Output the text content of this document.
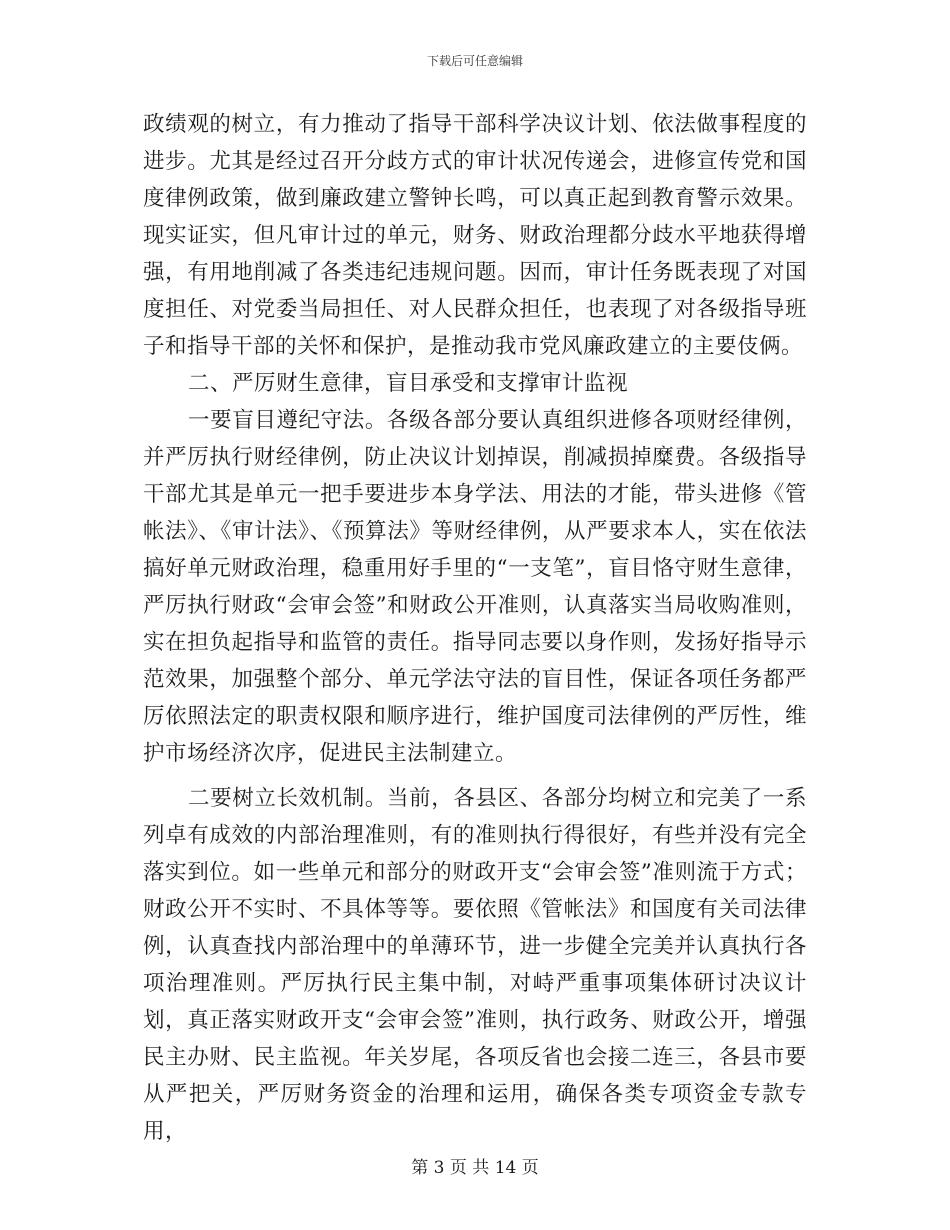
下载后可任意编辑

政绩观的树立，有力推动了指导干部科学决议计划、依法做事程度的进步。尤其是经过召开分歧方式的审计状况传递会，进修宣传党和国度律例政策，做到廉政建立警钟长鸣，可以真正起到教育警示效果。现实证实，但凡审计过的单元，财务、财政治理都分歧水平地获得增强，有用地削减了各类违纪违规问题。因而，审计任务既表现了对国度担任、对党委当局担任、对人民群众担任，也表现了对各级指导班子和指导干部的关怀和保护，是推动我市党风廉政建立的主要伎俩。

二、严厉财生意律，盲目承受和支撑审计监视

一要盲目遵纪守法。各级各部分要认真组织进修各项财经律例，并严厉执行财经律例，防止决议计划掉误，削减损掉糜费。各级指导干部尤其是单元一把手要进步本身学法、用法的才能，带头进修《管帐法》、《审计法》、《预算法》等财经律例，从严要求本人，实在依法搞好单元财政治理，稳重用好手里的“一支笔”，盲目恪守财生意律，严厉执行财政“会审会签”和财政公开准则，认真落实当局收购准则，实在担负起指导和监管的责任。指导同志要以身作则，发扬好指导示范效果，加强整个部分、单元学法守法的盲目性，保证各项任务都严厉依照法定的职责权限和顺序进行，维护国度司法律例的严厉性，维护市场经济次序，促进民主法制建立。

二要树立长效机制。当前，各县区、各部分均树立和完美了一系列卓有成效的内部治理准则，有的准则执行得很好，有些并没有完全落实到位。如一些单元和部分的财政开支“会审会签”准则流于方式；财政公开不实时、不具体等等。要依照《管帐法》和国度有关司法律例，认真查找内部治理中的单薄环节，进一步健全完美并认真执行各项治理准则。严厉执行民主集中制，对峙严重事项集体研讨决议计划，真正落实财政开支“会审会签”准则，执行政务、财政公开，增强民主办财、民主监视。年关岁尾，各项反省也会接二连三，各县市要从严把关，严厉财务资金的治理和运用，确保各类专项资金专款专用，

第 3 页 共 14 页
